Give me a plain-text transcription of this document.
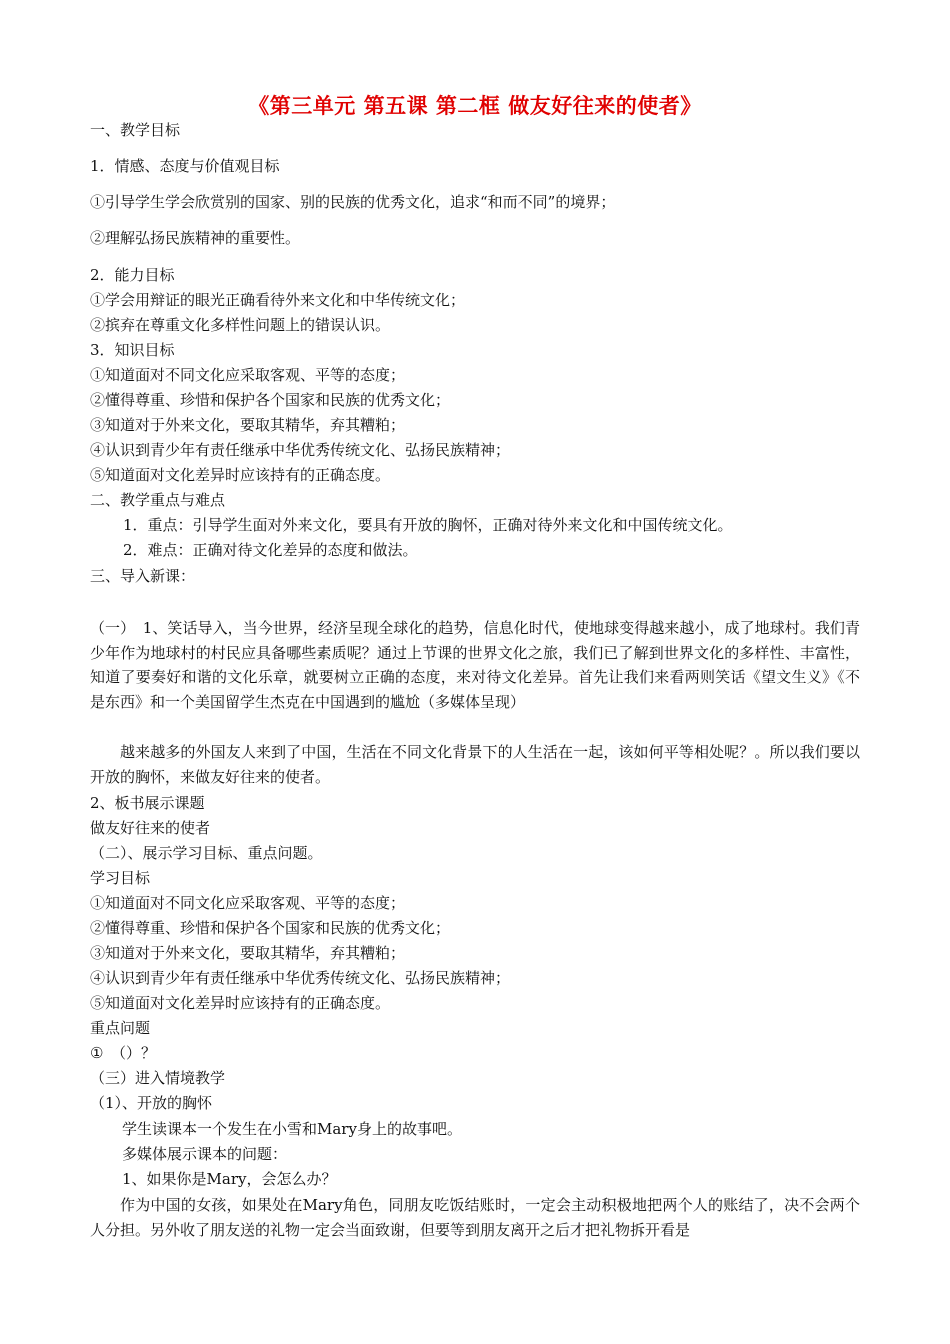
《第三单元 第五课 第二框 做友好往来的使者》
一、教学目标
1．情感、态度与价值观目标
①引导学生学会欣赏别的国家、别的民族的优秀文化，追求“和而不同”的境界；
②理解弘扬民族精神的重要性。
2．能力目标
①学会用辩证的眼光正确看待外来文化和中华传统文化；
②摈弃在尊重文化多样性问题上的错误认识。
3．知识目标
①知道面对不同文化应采取客观、平等的态度；
②懂得尊重、珍惜和保护各个国家和民族的优秀文化；
③知道对于外来文化，要取其精华，弃其糟粕；
④认识到青少年有责任继承中华优秀传统文化、弘扬民族精神；
⑤知道面对文化差异时应该持有的正确态度。
二、教学重点与难点
1．重点：引导学生面对外来文化，要具有开放的胸怀，正确对待外来文化和中国传统文化。
2．难点：正确对待文化差异的态度和做法。
三、导入新课：
（一）　1、笑话导入，当今世界，经济呈现全球化的趋势，信息化时代，使地球变得越来越小，成了地球村。我们青少年作为地球村的村民应具备哪些素质呢？通过上节课的世界文化之旅，我们已了解到世界文化的多样性、丰富性，知道了要奏好和谐的文化乐章，就要树立正确的态度，来对待文化差异。首先让我们来看两则笑话《望文生义》《不是东西》和一个美国留学生杰克在中国遇到的尴尬（多媒体呈现）
越来越多的外国友人来到了中国，生活在不同文化背景下的人生活在一起，该如何平等相处呢？。所以我们要以开放的胸怀，来做友好往来的使者。
2、板书展示课题
做友好往来的使者
（二）、展示学习目标、重点问题。
学习目标
①知道面对不同文化应采取客观、平等的态度；
②懂得尊重、珍惜和保护各个国家和民族的优秀文化；
③知道对于外来文化，要取其精华，弃其糟粕；
④认识到青少年有责任继承中华优秀传统文化、弘扬民族精神；
⑤知道面对文化差异时应该持有的正确态度。
重点问题
①　（）？
（三）进入情境教学
（1）、开放的胸怀
学生读课本一个发生在小雪和Mary身上的故事吧。
多媒体展示课本的问题：
1、如果你是Mary，会怎么办？
作为中国的女孩，如果处在Mary角色，同朋友吃饭结账时，一定会主动积极地把两个人的账结了，决不会两个人分担。另外收了朋友送的礼物一定会当面致谢，但要等到朋友离开之后才把礼物拆开看是
